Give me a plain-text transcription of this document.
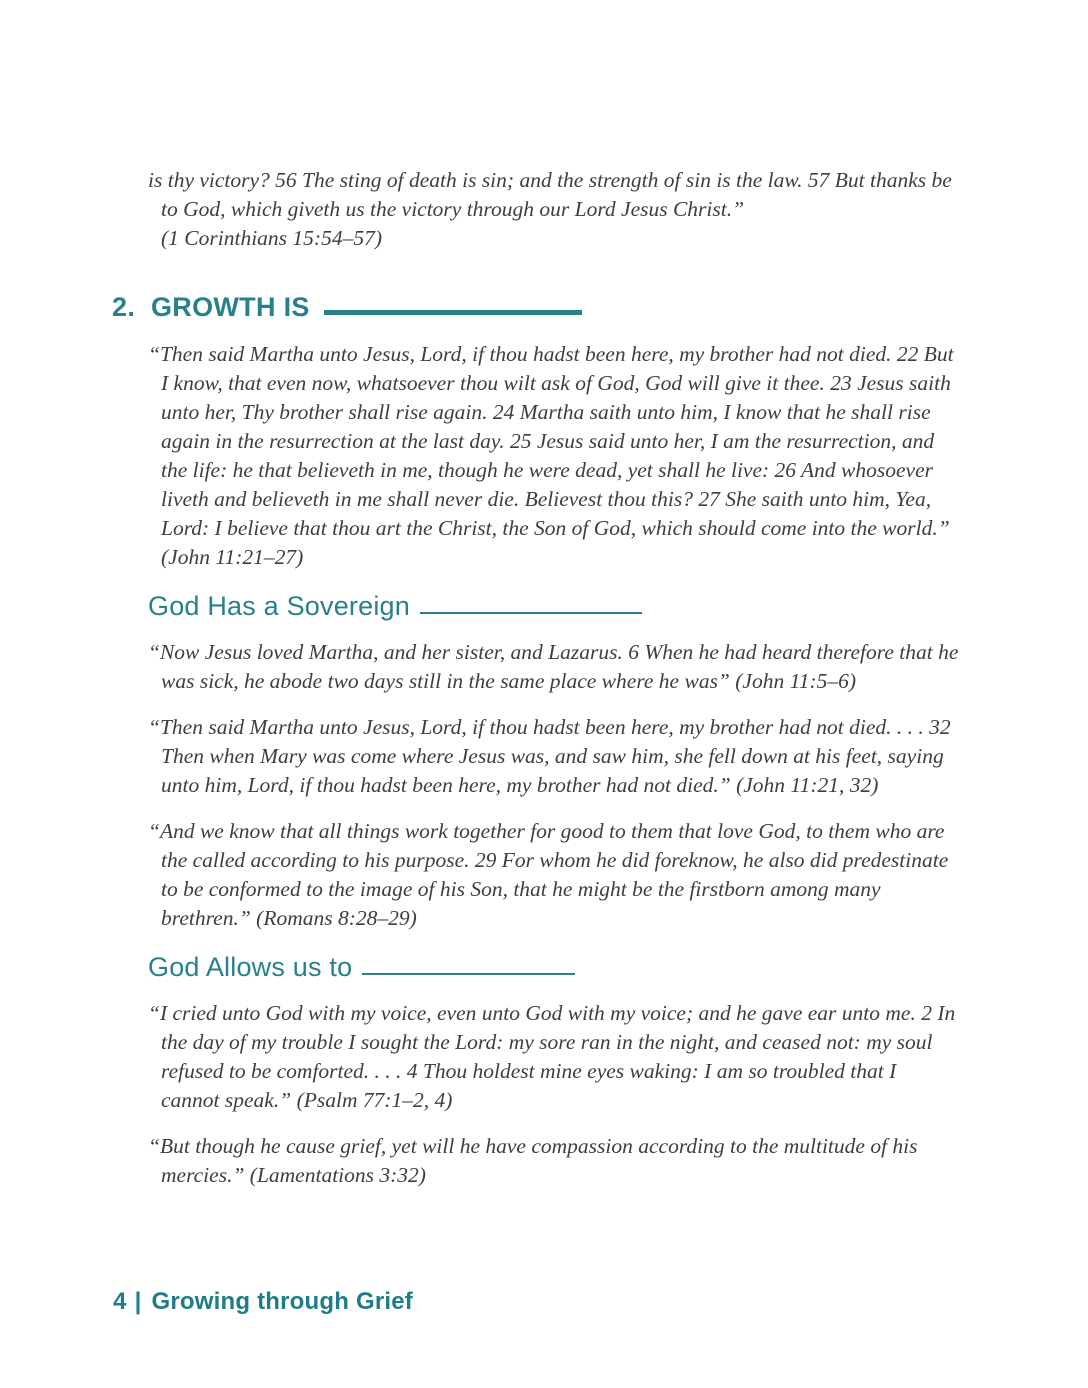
is thy victory? 56 The sting of death is sin; and the strength of sin is the law. 57 But thanks be to God, which giveth us the victory through our Lord Jesus Christ.” (1 Corinthians 15:54–57)

2. GROWTH IS

“Then said Martha unto Jesus, Lord, if thou hadst been here, my brother had not died. 22 But I know, that even now, whatsoever thou wilt ask of God, God will give it thee. 23 Jesus saith unto her, Thy brother shall rise again. 24 Martha saith unto him, I know that he shall rise again in the resurrection at the last day. 25 Jesus said unto her, I am the resurrection, and the life: he that believeth in me, though he were dead, yet shall he live: 26 And whosoever liveth and believeth in me shall never die. Believest thou this? 27 She saith unto him, Yea, Lord: I believe that thou art the Christ, the Son of God, which should come into the world.” (John 11:21–27)

God Has a Sovereign

“Now Jesus loved Martha, and her sister, and Lazarus. 6 When he had heard therefore that he was sick, he abode two days still in the same place where he was” (John 11:5–6)

“Then said Martha unto Jesus, Lord, if thou hadst been here, my brother had not died. . . . 32 Then when Mary was come where Jesus was, and saw him, she fell down at his feet, saying unto him, Lord, if thou hadst been here, my brother had not died.” (John 11:21, 32)

“And we know that all things work together for good to them that love God, to them who are the called according to his purpose. 29 For whom he did foreknow, he also did predestinate to be conformed to the image of his Son, that he might be the firstborn among many brethren.” (Romans 8:28–29)

God Allows us to

“I cried unto God with my voice, even unto God with my voice; and he gave ear unto me. 2 In the day of my trouble I sought the Lord: my sore ran in the night, and ceased not: my soul refused to be comforted. . . . 4 Thou holdest mine eyes waking: I am so troubled that I cannot speak.” (Psalm 77:1–2, 4)

“But though he cause grief, yet will he have compassion according to the multitude of his mercies.” (Lamentations 3:32)

4 | Growing through Grief
